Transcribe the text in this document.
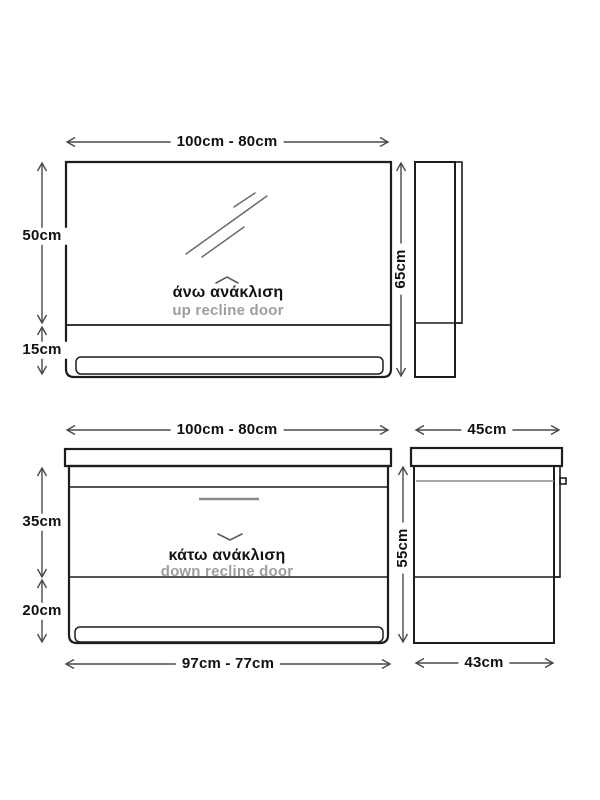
100cm - 80cm
50cm
15cm
65cm
άνω ανάκλιση
up recline door
100cm - 80cm	45cm
35cm
20cm
55cm
κάτω ανάκλιση
down recline door
97cm - 77cm	43cm
